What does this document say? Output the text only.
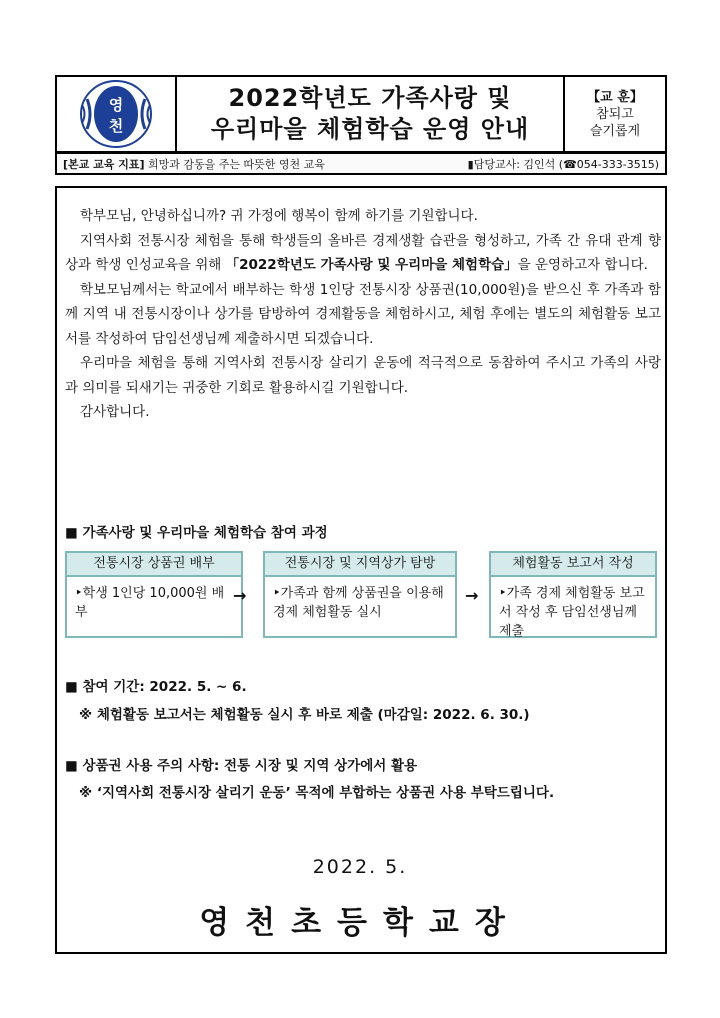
영
천
2022학년도 가족사랑 및
우리마을 체험학습 운영 안내
【교 훈】
참되고
슬기롭게
[본교 교육 지표] 희망과 감동을 주는 따뜻한 영천 교육	▮담당교사: 김인석 (☎054-333-3515)

학부모님, 안녕하십니까? 귀 가정에 행복이 함께 하기를 기원합니다.

지역사회 전통시장 체험을 통해 학생들의 올바른 경제생활 습관을 형성하고, 가족 간 유대 관계 향상과 학생 인성교육을 위해 「2022학년도 가족사랑 및 우리마을 체험학습」을 운영하고자 합니다.

학보모님께서는 학교에서 배부하는 학생 1인당 전통시장 상품권(10,000원)을 받으신 후 가족과 함께 지역 내 전통시장이나 상가를 탐방하여 경제활동을 체험하시고, 체험 후에는 별도의 체험활동 보고서를 작성하여 담임선생님께 제출하시면 되겠습니다.

우리마을 체험을 통해 지역사회 전통시장 살리기 운동에 적극적으로 동참하여 주시고 가족의 사랑과 의미를 되새기는 귀중한 기회로 활용하시길 기원합니다.

감사합니다.

■ 가족사랑 및 우리마을 체험학습 참여 과정
전통시장 상품권 배부
‣학생 1인당 10,000원 배부
→
전통시장 및 지역상가 탐방
‣가족과 함께 상품권을 이용해 경제 체험활동 실시
→
체험활동 보고서 작성
‣가족 경제 체험활동 보고서 작성 후 담임선생님께 제출
■ 참여 기간: 2022. 5. ~ 6.
※ 체험활동 보고서는 체험활동 실시 후 바로 제출 (마감일: 2022. 6. 30.)
■ 상품권 사용 주의 사항: 전통 시장 및 지역 상가에서 활용
※ ‘지역사회 전통시장 살리기 운동’ 목적에 부합하는 상품권 사용 부탁드립니다.
2022. 5.
영천초등학교장
